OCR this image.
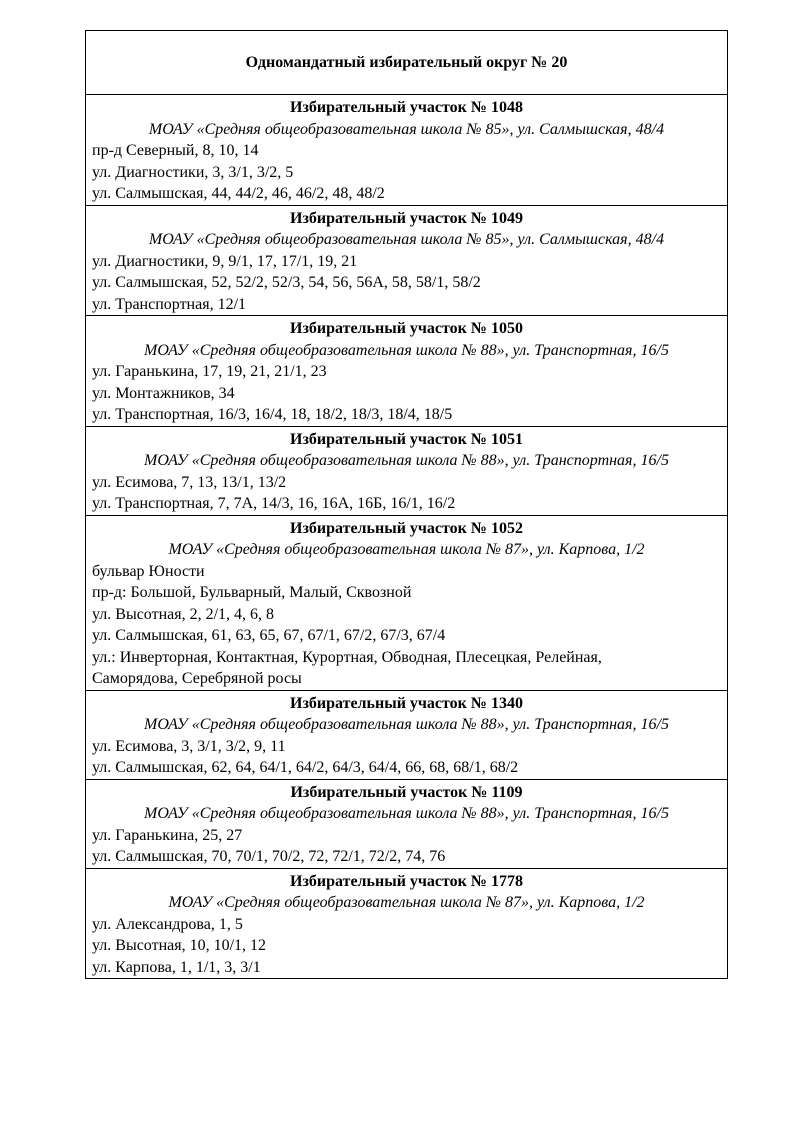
Одномандатный избирательный округ № 20

Избирательный участок № 1048
МОАУ «Средняя общеобразовательная школа № 85», ул. Салмышская, 48/4
пр-д Северный, 8, 10, 14
ул. Диагностики, 3, 3/1, 3/2, 5
ул. Салмышская, 44, 44/2, 46, 46/2, 48, 48/2

Избирательный участок № 1049
МОАУ «Средняя общеобразовательная школа № 85», ул. Салмышская, 48/4
ул. Диагностики, 9, 9/1, 17, 17/1, 19, 21
ул. Салмышская, 52, 52/2, 52/3, 54, 56, 56А, 58, 58/1, 58/2
ул. Транспортная, 12/1

Избирательный участок № 1050
МОАУ «Средняя общеобразовательная школа № 88», ул. Транспортная, 16/5
ул. Гаранькина, 17, 19, 21, 21/1, 23
ул. Монтажников, 34
ул. Транспортная, 16/3, 16/4, 18, 18/2, 18/3, 18/4, 18/5

Избирательный участок № 1051
МОАУ «Средняя общеобразовательная школа № 88», ул. Транспортная, 16/5
ул. Есимова, 7, 13, 13/1, 13/2
ул. Транспортная, 7, 7А, 14/3, 16, 16А, 16Б, 16/1, 16/2

Избирательный участок № 1052
МОАУ «Средняя общеобразовательная школа № 87», ул. Карпова, 1/2
бульвар Юности
пр-д: Большой, Бульварный, Малый, Сквозной
ул. Высотная, 2, 2/1, 4, 6, 8
ул. Салмышская, 61, 63, 65, 67, 67/1, 67/2, 67/3, 67/4
ул.: Инверторная, Контактная, Курортная, Обводная, Плесецкая, Релейная,
Саморядова, Серебряной росы

Избирательный участок № 1340
МОАУ «Средняя общеобразовательная школа № 88», ул. Транспортная, 16/5
ул. Есимова, 3, 3/1, 3/2, 9, 11
ул. Салмышская, 62, 64, 64/1, 64/2, 64/3, 64/4, 66, 68, 68/1, 68/2

Избирательный участок № 1109
МОАУ «Средняя общеобразовательная школа № 88», ул. Транспортная, 16/5
ул. Гаранькина, 25, 27
ул. Салмышская, 70, 70/1, 70/2, 72, 72/1, 72/2, 74, 76

Избирательный участок № 1778
МОАУ «Средняя общеобразовательная школа № 87», ул. Карпова, 1/2
ул. Александрова, 1, 5
ул. Высотная, 10, 10/1, 12
ул. Карпова, 1, 1/1, 3, 3/1
